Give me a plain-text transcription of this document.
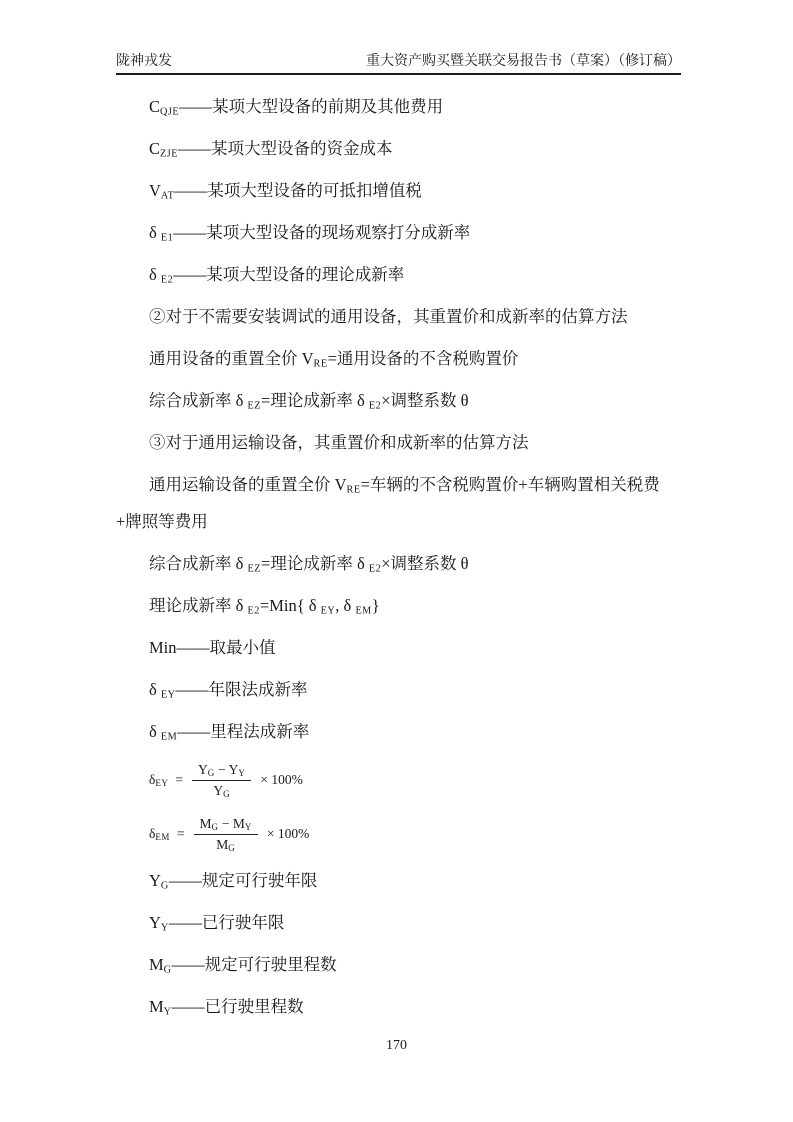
陇神戎发	重大资产购买暨关联交易报告书（草案）（修订稿）

$C_{QJE}——$某项大型设备的前期及其他费用

$C_{ZJE}——$某项大型设备的资金成本

$V_{AT}——$某项大型设备的可抵扣增值税

δ $_{E1}$——某项大型设备的现场观察打分成新率

δ $_{E2}$——某项大型设备的理论成新率

②对于不需要安装调试的通用设备，其重置价和成新率的估算方法

通用设备的重置全价 $V_{RE}=$通用设备的不含税购置价

综合成新率 δ $_{EZ}$=理论成新率 δ $_{E2}$×调整系数 θ

③对于通用运输设备，其重置价和成新率的估算方法

通用运输设备的重置全价 $V_{RE}=$车辆的不含税购置价+车辆购置相关税费+牌照等费用

综合成新率 δ $_{EZ}$=理论成新率 δ $_{E2}$×调整系数 θ

理论成新率 δ $_{E2}$=Min{ δ $_{EY}$, δ $_{EM}$}

Min——取最小值

δ $_{EY}$——年限法成新率

δ $_{EM}$——里程法成新率

$\delta_{EY} = \frac{Y_G - Y_Y}{Y_G} \times 100\%$
$\delta_{EM} = \frac{M_G - M_Y}{M_G} \times 100\%$

$Y_G——$规定可行驶年限

$Y_Y——$已行驶年限

$M_G——$规定可行驶里程数

$M_Y——$已行驶里程数

170
